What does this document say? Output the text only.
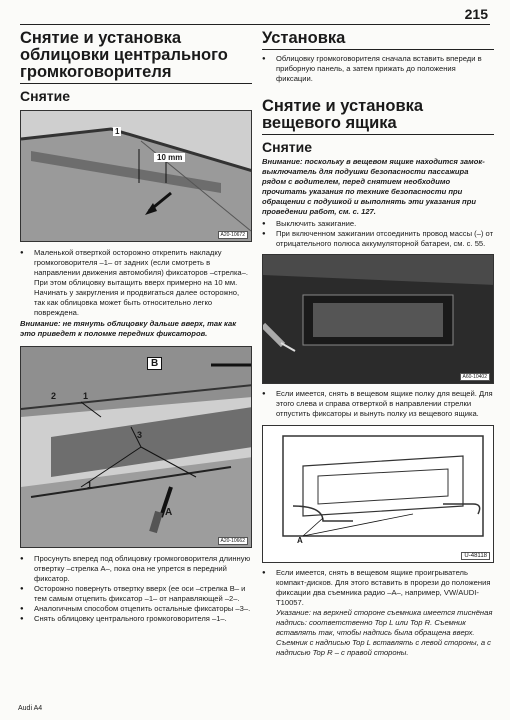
215
Снятие и установка облицовки центрального громкоговорителя
Снятие
1
10 mm
A20-10672
● Маленькой отверткой осторожно открепить накладку громкоговорителя –1– от задних (если смотреть в направлении движения автомобиля) фиксаторов –стрелка–. При этом облицовку вытащить вверх примерно на 10 мм. Начинать у закругления и продвигаться далее осторожно, так как облицовка может быть относительно легко повреждена.
Внимание: не тянуть облицовку дальше вверх, так как это приведет к поломке передних фиксаторов.
2	1
3
1
B
A
A20-10662
● Просунуть вперед под облицовку громкоговорителя длинную отвертку –стрелка А–, пока она не упрется в передний фиксатор.
● Осторожно повернуть отвертку вверх (ее оси –стрелка В– и тем самым отцепить фиксатор –1– от направляющей –2–.
● Аналогичным способом отцепить остальные фиксаторы –3–.
● Снять облицовку центрального громкоговорителя –1–.
Установка
● Облицовку громкоговорителя сначала вставить впереди в приборную панель, а затем прижать до положения фиксации.
Снятие и установка вещевого ящика
Снятие
Внимание: поскольку в вещевом ящике находится замок-выключатель для подушки безопасности пассажира рядом с водителем, перед снятием необходимо прочитать указания по технике безопасности при обращении с подушкой и выполнять эти указания при проведении работ, см. с. 127.
● Выключить зажигание.
● При включенном зажигании отсоединить провод массы (–) от отрицательного полюса аккумуляторной батареи, см. с. 55.
A60-10402
● Если имеется, снять в вещевом ящике полку для вещей. Для этого слева и справа отверткой в направлении стрелки отпустить фиксаторы и вынуть полку из вещевого ящика.
A
U-48118
● Если имеется, снять в вещевом ящике проигрыватель компакт-дисков. Для этого вставить в прорези до положения фиксации два съемника радио –А–, например, VW/AUDI-T10057.
Указание: на верхней стороне съемника имеется тиснёная надпись: соответственно Top L или Top R. Съемник вставлять так, чтобы надпись была обращена вверх. Съемник с надписью Top L вставлять с левой стороны, а с надписью Top R – с правой стороны.
Audi A4
